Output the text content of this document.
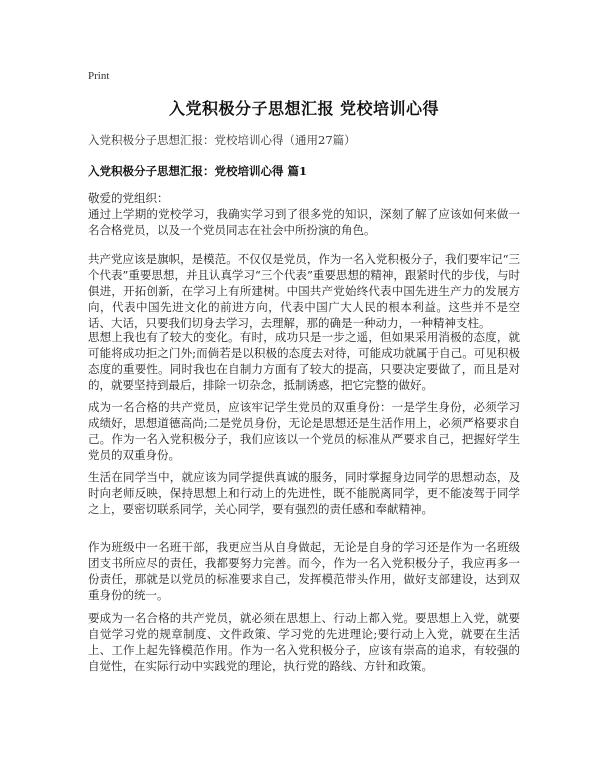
Print
入党积极分子思想汇报 党校培训心得
入党积极分子思想汇报：党校培训心得（通用27篇）
入党积极分子思想汇报：党校培训心得 篇1
敬爱的党组织：

通过上学期的党校学习，我确实学习到了很多党的知识，深刻了解了应该如何来做一名合格党员，以及一个党员同志在社会中所扮演的角色。

共产党应该是旗帜，是模范。不仅仅是党员，作为一名入党积极分子，我们要牢记“三个代表”重要思想，并且认真学习“三个代表”重要思想的精神，跟紧时代的步伐，与时俱进，开拓创新，在学习上有所建树。中国共产党始终代表中国先进生产力的发展方向，代表中国先进文化的前进方向，代表中国广大人民的根本利益。这些并不是空话、大话，只要我们切身去学习，去理解，那的确是一种动力，一种精神支柱。

思想上我也有了较大的变化。有时，成功只是一步之遥，但如果采用消极的态度，就可能将成功拒之门外;而倘若是以积极的态度去对待，可能成功就属于自己。可见积极态度的重要性。同时我也在自制力方面有了较大的提高，只要决定要做了，而且是对的，就要坚持到最后，排除一切杂念，抵制诱惑，把它完整的做好。

成为一名合格的共产党员，应该牢记学生党员的双重身份：一是学生身份，必须学习成绩好，思想道德高尚;二是党员身份，无论是思想还是生活作用上，必须严格要求自己。作为一名入党积极分子，我们应该以一个党员的标准从严要求自己，把握好学生党员的双重身份。

生活在同学当中，就应该为同学提供真诚的服务，同时掌握身边同学的思想动态，及时向老师反映，保持思想上和行动上的先进性，既不能脱离同学，更不能凌驾于同学之上，要密切联系同学，关心同学，要有强烈的责任感和奉献精神。

作为班级中一名班干部，我更应当从自身做起，无论是自身的学习还是作为一名班级团支书所应尽的责任，我都要努力完善。而今，作为一名入党积极分子，我应再多一份责任，那就是以党员的标准要求自己，发挥模范带头作用，做好支部建设，达到双重身份的统一。

要成为一名合格的共产党员，就必须在思想上、行动上都入党。要思想上入党，就要自觉学习党的规章制度、文件政策、学习党的先进理论;要行动上入党，就要在生活上、工作上起先锋模范作用。作为一名入党积极分子，应该有崇高的追求，有较强的自觉性，在实际行动中实践党的理论，执行党的路线、方针和政策。
